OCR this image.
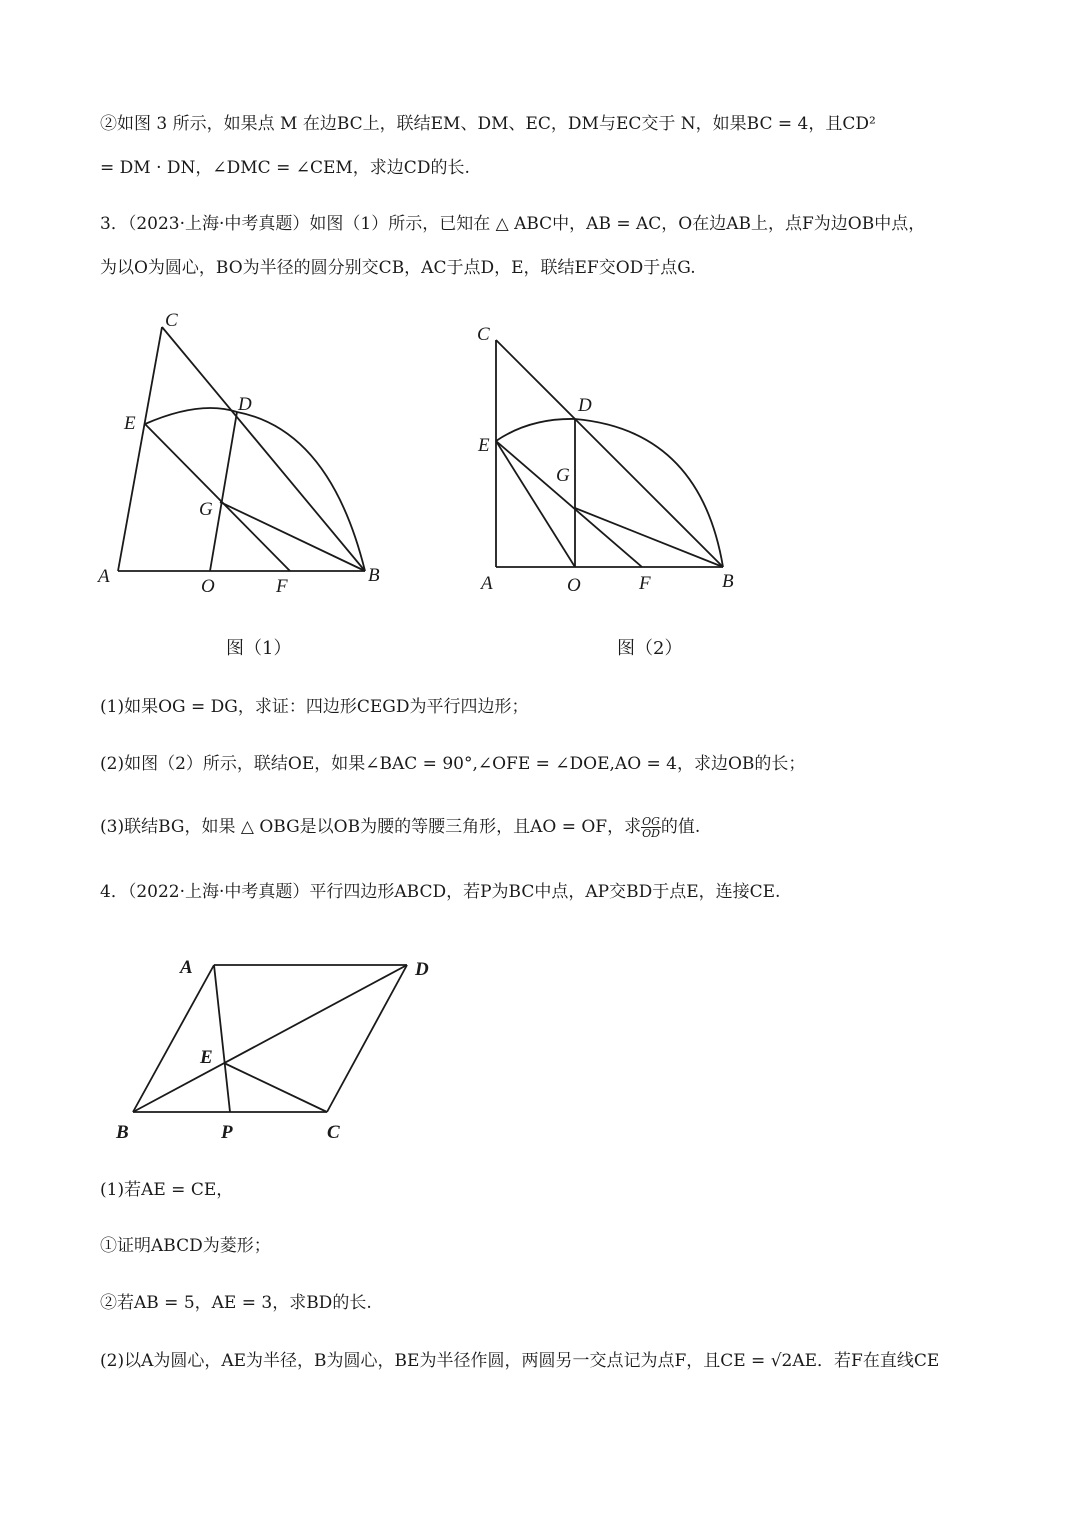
②如图 3 所示，如果点 M 在边BC上，联结EM、DM、EC，DM与EC交于 N，如果BC = 4，且CD²
= DM · DN，∠DMC = ∠CEM，求边CD的长.
3．（2023·上海·中考真题）如图（1）所示，已知在 △ ABC中，AB = AC，O在边AB上，点F为边OB中点，
为以O为圆心，BO为半径的圆分别交CB，AC于点D，E，联结EF交OD于点G.
C
D
E
G
A	O	F
B
图（1）
C
D
E
G
A	O	F	B
图（2）
(1)如果OG = DG，求证：四边形CEGD为平行四边形；
(2)如图（2）所示，联结OE，如果∠BAC = 90°,∠OFE = ∠DOE,AO = 4，求边OB的长；
(3)联结BG，如果 △ OBG是以OB为腰的等腰三角形，且AO = OF，求 $\frac{OG}{OD}$ 的值.
4．（2022·上海·中考真题）平行四边形ABCD，若P为BC中点，AP交BD于点E，连接CE.
A	D
E
B	P	C
(1)若AE = CE，
①证明ABCD为菱形；
②若AB = 5，AE = 3，求BD的长.
(2)以A为圆心，AE为半径，B为圆心，BE为半径作圆，两圆另一交点记为点F，且CE = √2AE．若F在直线CE
